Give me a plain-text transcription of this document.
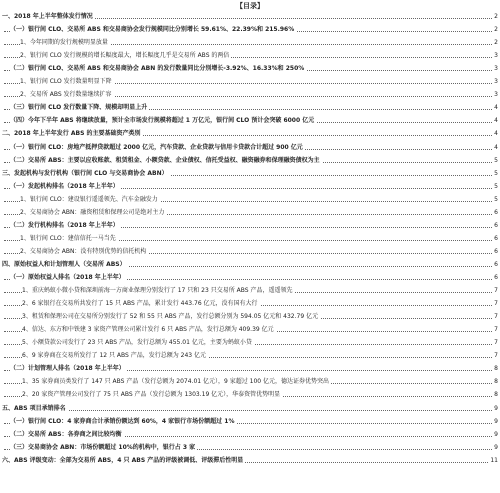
【目录】
一、2018 年上半年整体发行情况	2
（一）银行间 CLO、交易所 ABS 和交易商协会发行规模同比分别增长 59.61%、22.39%和 215.96%	2
1、今年同期的发行规模明显放量	2
2、银行间 CLO 发行规模的增长幅度最大，增长幅度几乎是交易所 ABS 的两倍	3
（二）银行间 CLO、交易所 ABS 和交易商协会 ABN 的发行数量同比分别增长-3.92%、16.33%和 250%	3
1、银行间 CLO 发行数量明显下降	3
2、交易所 ABS 发行数量继续扩容	3
（三）银行间 CLO 发行数量下降、规模却明显上升	4
（四）今年下半年 ABS 将继续放量，预计全市场发行规模将超过 1 万亿元，银行间 CLO 预计会突破 6000 亿元	4
二、2018 年上半年发行 ABS 的主要基础资产类别	4
（一）银行间 CLO：房地产抵押贷款超过 2000 亿元，汽车贷款、企业贷款与信用卡贷款合计超过 900 亿元	4
（二）交易所 ABS：主要以应收账款、租赁租金、小额贷款、企业债权、信托受益权、融资融券和保理融资债权为主	5
三、发起机构与发行机构（银行间 CLO 与交易商协会 ABN）	5
（一）发起机构排名（2018 年上半年）	5
1、银行间 CLO：建设银行遥遥领先、汽车金融发力	5
2、交易商协会 ABN：融资租赁和保理公司是绝对主力	6
（二）发行机构排名（2018 年上半年）	6
1、银行间 CLO：建信信托一马当先	6
2、交易商协会 ABN：没有特别优势的信托机构	6
四、原始权益人和计划管理人（交易所 ABS）	6
（一）原始权益人排名（2018 年上半年）	6
1、重庆蚂蚁小微小贷和深圳前海一方商业保理分别发行了 17 只和 23 只交易所 ABS 产品，遥遥领先	7
2、6 家银行在交易所共发行了 15 只 ABS 产品，累计发行 443.76 亿元，没有国有大行	7
3、租赁和保理公司在交易所分别发行了 52 和 55 只 ABS 产品，发行总额分别为 594.05 亿元和 432.79 亿元	7
4、信达、东方和中铁建 3 家资产管理公司累计发行 6 只 ABS 产品，发行总额为 409.39 亿元	7
5、小额贷款公司发行了 23 只 ABS 产品，发行总额为 455.01 亿元，主要为蚂蚁小贷	7
6、9 家券商在交易所发行了 12 只 ABS 产品，发行总额为 243 亿元	7
（二）计划管理人排名（2018 年上半年）	8
1、35 家券商员类发行了 147 只 ABS 产品（发行总额为 2074.01 亿元），9 家超过 100 亿元，德达证券优势突出	8
2、20 家资产管理公司发行了 75 只 ABS 产品（发行总额为 1303.19 亿元），华泰资管优势明显	8
五、ABS 项目承销排名	9
（一）银行间 CLO：4 家券商合计承销份额达到 60%，4 家银行市场份额超过 1%	9
（二）交易所 ABS：各券商之间比较均衡	9
（三）交易商协会 ABN：市场份额超过 10%的机构中，银行占 3 家	9
六、ABS 评级变动：全部为交易所 ABS，4 只 ABS 产品的评级被调低、评级滞后性明显	11
